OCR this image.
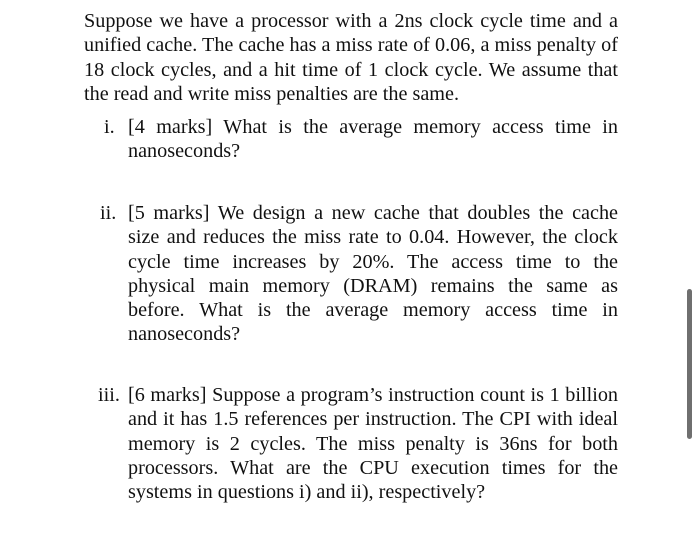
Suppose we have a processor with a 2ns clock cycle time and a unified cache. The cache has a miss rate of 0.06, a miss penalty of 18 clock cycles, and a hit time of 1 clock cycle. We assume that the read and write miss penalties are the same.

i. [4 marks] What is the average memory access time in nanoseconds?

ii. [5 marks] We design a new cache that doubles the cache size and reduces the miss rate to 0.04. However, the clock cycle time increases by 20%. The access time to the physical main memory (DRAM) remains the same as before. What is the average memory access time in nanoseconds?

iii. [6 marks] Suppose a program’s instruction count is 1 billion and it has 1.5 references per instruction. The CPI with ideal memory is 2 cycles. The miss penalty is 36ns for both processors. What are the CPU execution times for the systems in questions i) and ii), respectively?
